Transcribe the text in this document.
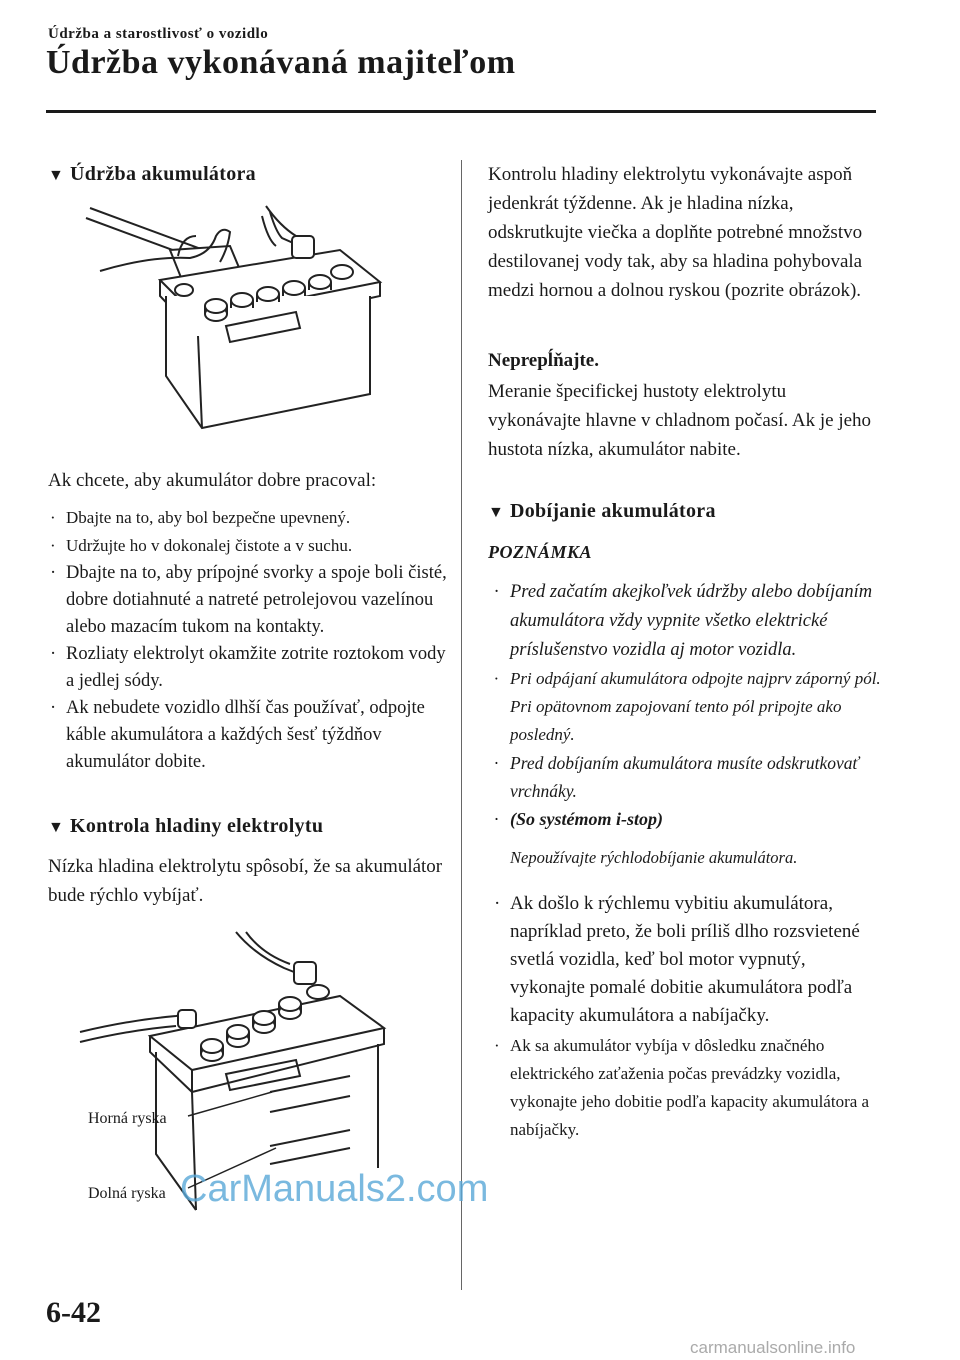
Údržba a starostlivosť o vozidlo
Údržba vykonávaná majiteľom
▼ Údržba akumulátora
Ak chcete, aby akumulátor dobre pracoval:
· Dbajte na to, aby bol bezpečne upevnený.
· Udržujte ho v dokonalej čistote a v suchu.
· Dbajte na to, aby prípojné svorky a spoje boli čisté, dobre dotiahnuté a natreté petrolejovou vazelínou alebo mazacím tukom na kontakty.
· Rozliaty elektrolyt okamžite zotrite roztokom vody a jedlej sódy.
· Ak nebudete vozidlo dlhší čas používať, odpojte káble akumulátora a každých šesť týždňov akumulátor dobite.
▼ Kontrola hladiny elektrolytu
Nízka hladina elektrolytu spôsobí, že sa akumulátor bude rýchlo vybíjať.
Horná ryska
Dolná ryska
Kontrolu hladiny elektrolytu vykonávajte aspoň jedenkrát týždenne. Ak je hladina nízka, odskrutkujte viečka a doplňte potrebné množstvo destilovanej vody tak, aby sa hladina pohybovala medzi hornou a dolnou ryskou (pozrite obrázok).
Neprepĺňajte.
Meranie špecifickej hustoty elektrolytu vykonávajte hlavne v chladnom počasí. Ak je jeho hustota nízka, akumulátor nabite.
▼ Dobíjanie akumulátora
POZNÁMKA
· Pred začatím akejkoľvek údržby alebo dobíjaním akumulátora vždy vypnite všetko elektrické príslušenstvo vozidla aj motor vozidla.
· Pri odpájaní akumulátora odpojte najprv záporný pól. Pri opätovnom zapojovaní tento pól pripojte ako posledný.
· Pred dobíjaním akumulátora musíte odskrutkovať vrchnáky.
· (So systémom i-stop)
Nepoužívajte rýchlodobíjanie akumulátora.
· Ak došlo k rýchlemu vybitiu akumulátora, napríklad preto, že boli príliš dlho rozsvietené svetlá vozidla, keď bol motor vypnutý, vykonajte pomalé dobitie akumulátora podľa kapacity akumulátora a nabíjačky.
· Ak sa akumulátor vybíja v dôsledku značného elektrického zaťaženia počas prevádzky vozidla, vykonajte jeho dobitie podľa kapacity akumulátora a nabíjačky.
6-42
CarManuals2.com
carmanualsonline.info
